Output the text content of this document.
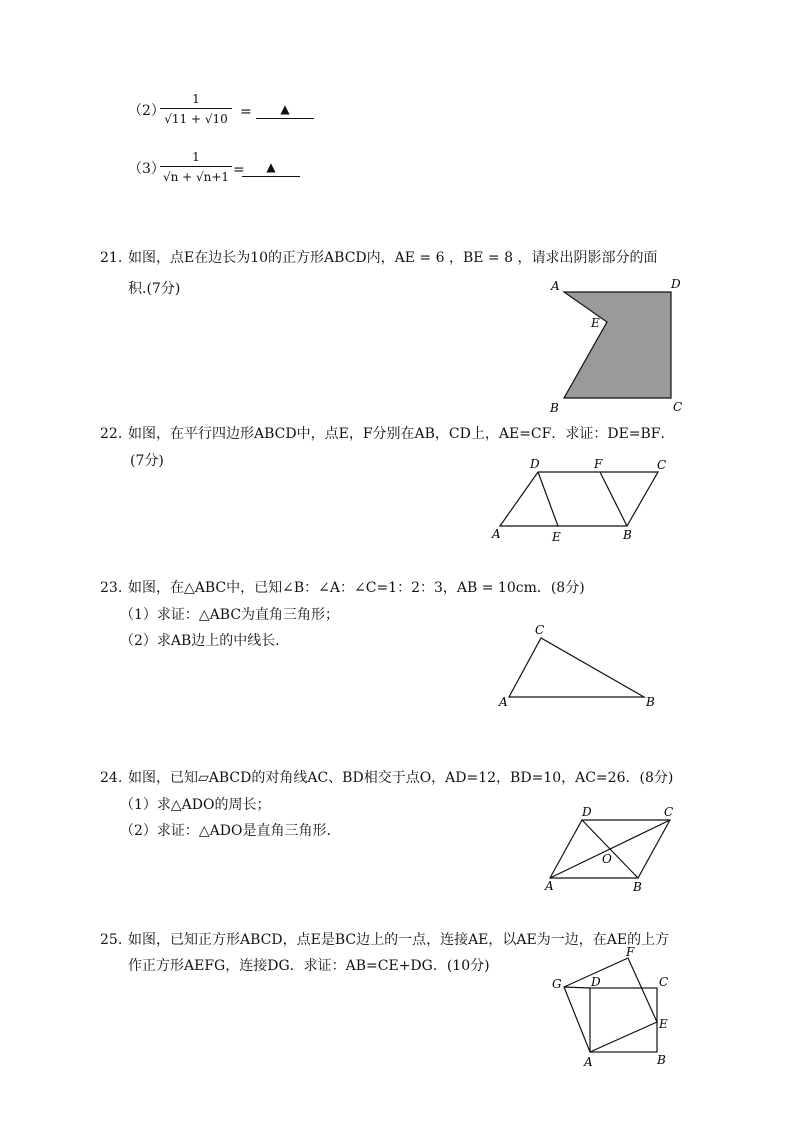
（2）
1
√11 + √10 =	▲
（3）
1
√n + √n+1 =	▲
21. 如图，点E在边长为10的正方形ABCD内，AE = 6 ，BE = 8 ，请求出阴影部分的面
积.(7分)	A	D
E
B	C
22. 如图，在平行四边形ABCD中，点E，F分别在AB，CD上，AE=CF．求证：DE=BF．
(7分)	D	F	C
A	E	B
23. 如图，在△ABC中，已知∠B：∠A：∠C=1：2：3，AB = 10cm．(8分)
（1）求证：△ABC为直角三角形；
（2）求AB边上的中线长．
C
A	B
24. 如图，已知▱ABCD的对角线AC、BD相交于点O，AD=12，BD=10，AC=26．(8分)
（1）求△ADO的周长；
（2）求证：△ADO是直角三角形．
D	C
O
A	B
25. 如图，已知正方形ABCD，点E是BC边上的一点，连接AE，以AE为一边，在AE的上方
作正方形AEFG，连接DG．求证：AB=CE+DG．(10分)
G D
F
C
E
A	B
